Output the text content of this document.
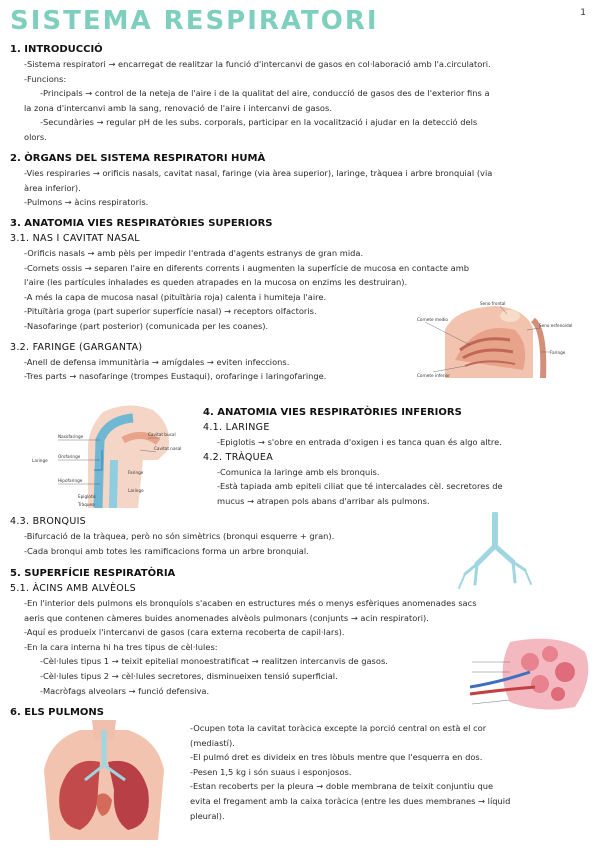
1
SISTEMA RESPIRATORI
1. INTRODUCCIÓ
-Sistema respiratori → encarregat de realitzar la funció d'intercanvi de gasos en col·laboració amb l'a.circulatori.
-Funcions:
-Principals → control de la neteja de l'aire i de la qualitat del aire, conducció de gasos des de l'exterior fins a
la zona d'intercanvi amb la sang, renovació de l'aire i intercanvi de gasos.
-Secundàries → regular pH de les subs. corporals, participar en la vocalització i ajudar en la detecció dels
olors.
2. ÒRGANS DEL SISTEMA RESPIRATORI HUMÀ
-Vies respiraries → orificis nasals, cavitat nasal, faringe (via àrea superior), laringe, tràquea i arbre bronquial (via
àrea inferior).
-Pulmons → àcins respiratoris.
3. ANATOMIA VIES RESPIRATÒRIES SUPERIORS
3.1. NAS I CAVITAT NASAL
-Orificis nasals → amb pèls per impedir l'entrada d'agents estranys de gran mida.
-Cornets ossis → separen l'aire en diferents corrents i augmenten la superfície de mucosa en contacte amb
l'aire (les partícules inhalades es queden atrapades en la mucosa on enzims les destruiran).
-A més la capa de mucosa nasal (pituïtària roja) calenta i humiteja l'aire.
-Pituïtària groga (part superior superfície nasal) → receptors olfactoris.
-Nasofaringe (part posterior) (comunicada per les coanes).
3.2. FARINGE (GARGANTA)
-Anell de defensa immunitària → amígdales → eviten infeccions.
-Tres parts → nasofaringe (trompes Eustaqui), orofaringe i laringofaringe.
Cornete medio
Seno frontal
Seno esfenoidal
Faringe
Cornete inferior
Nasofaringe
Orofaringe
Laringe
Hipofaringe
Cavitat bucal
Cavitat nasal
Faringe
Laringe
Epiglotis
Tràquea
4. ANATOMIA VIES RESPIRATÒRIES INFERIORS
4.1. LARINGE
-Epiglotis → s'obre en entrada d'oxigen i es tanca quan és algo altre.
4.2. TRÀQUEA
-Comunica la laringe amb els bronquis.
-Està tapiada amb epiteli ciliat que té intercalades cèl. secretores de
mucus → atrapen pols abans d'arribar als pulmons.
4.3. BRONQUIS
-Bifurcació de la tràquea, però no són simètrics (bronqui esquerre + gran).
-Cada bronqui amb totes les ramificacions forma un arbre bronquial.
5. SUPERFÍCIE RESPIRATÒRIA
5.1. ÀCINS AMB ALVÈOLS
-En l'interior dels pulmons els bronquíols s'acaben en estructures més o menys esfèriques anomenades sacs
aeris que contenen càmeres buides anomenades alvèols pulmonars (conjunts → acin respiratori).
-Aquí es produeix l'intercanvi de gasos (cara externa recoberta de capil·lars).
-En la cara interna hi ha tres tipus de cèl·lules:
-Cèl·lules tipus 1 → teixit epitelial monoestratificat → realitzen intercanvis de gasos.
-Cèl·lules tipus 2 → cèl·lules secretores, disminueixen tensió superficial.
-Macròfags alveolars → funció defensiva.
6. ELS PULMONS
-Ocupen tota la cavitat toràcica excepte la porció central on està el cor
(mediastí).
-El pulmó dret es divideix en tres lòbuls mentre que l'esquerra en dos.
-Pesen 1,5 kg i són suaus i esponjosos.
-Estan recoberts per la pleura → doble membrana de teixit conjuntiu que
evita el fregament amb la caixa toràcica (entre les dues membranes → líquid
pleural).
